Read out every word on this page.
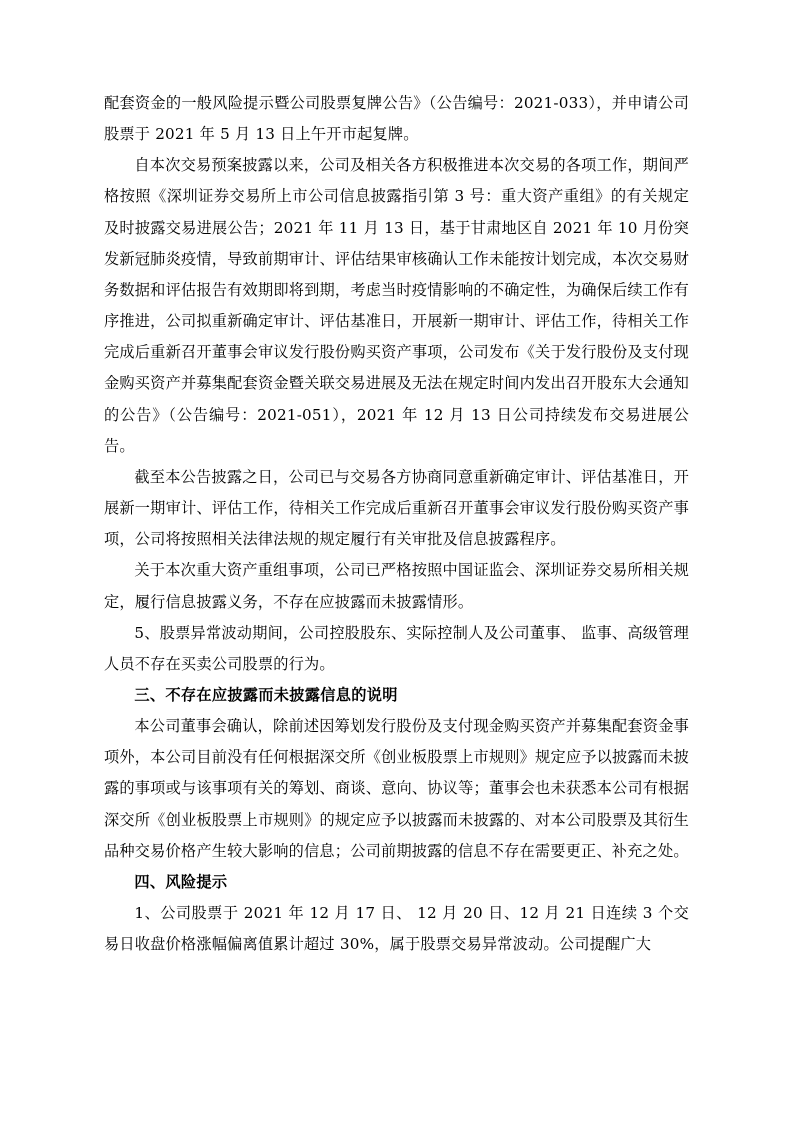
配套资金的一般风险提示暨公司股票复牌公告》（公告编号：2021-033），并申请公司股票于 2021 年 5 月 13 日上午开市起复牌。

自本次交易预案披露以来，公司及相关各方积极推进本次交易的各项工作，期间严格按照《深圳证券交易所上市公司信息披露指引第 3 号：重大资产重组》的有关规定及时披露交易进展公告；2021 年 11 月 13 日，基于甘肃地区自 2021 年 10 月份突发新冠肺炎疫情，导致前期审计、评估结果审核确认工作未能按计划完成，本次交易财务数据和评估报告有效期即将到期，考虑当时疫情影响的不确定性，为确保后续工作有序推进，公司拟重新确定审计、评估基准日，开展新一期审计、评估工作，待相关工作完成后重新召开董事会审议发行股份购买资产事项，公司发布《关于发行股份及支付现金购买资产并募集配套资金暨关联交易进展及无法在规定时间内发出召开股东大会通知的公告》（公告编号：2021-051），2021 年 12 月 13 日公司持续发布交易进展公告。

截至本公告披露之日，公司已与交易各方协商同意重新确定审计、评估基准日，开展新一期审计、评估工作，待相关工作完成后重新召开董事会审议发行股份购买资产事项，公司将按照相关法律法规的规定履行有关审批及信息披露程序。

关于本次重大资产重组事项，公司已严格按照中国证监会、深圳证券交易所相关规定，履行信息披露义务，不存在应披露而未披露情形。

5、股票异常波动期间，公司控股股东、实际控制人及公司董事、 监事、高级管理人员不存在买卖公司股票的行为。

三、不存在应披露而未披露信息的说明

本公司董事会确认，除前述因筹划发行股份及支付现金购买资产并募集配套资金事项外，本公司目前没有任何根据深交所《创业板股票上市规则》规定应予以披露而未披露的事项或与该事项有关的筹划、商谈、意向、协议等；董事会也未获悉本公司有根据深交所《创业板股票上市规则》的规定应予以披露而未披露的、对本公司股票及其衍生品种交易价格产生较大影响的信息；公司前期披露的信息不存在需要更正、补充之处。

四、风险提示

1、公司股票于 2021 年 12 月 17 日、 12 月 20 日、12 月 21 日连续 3 个交易日收盘价格涨幅偏离值累计超过 30%，属于股票交易异常波动。公司提醒广大
